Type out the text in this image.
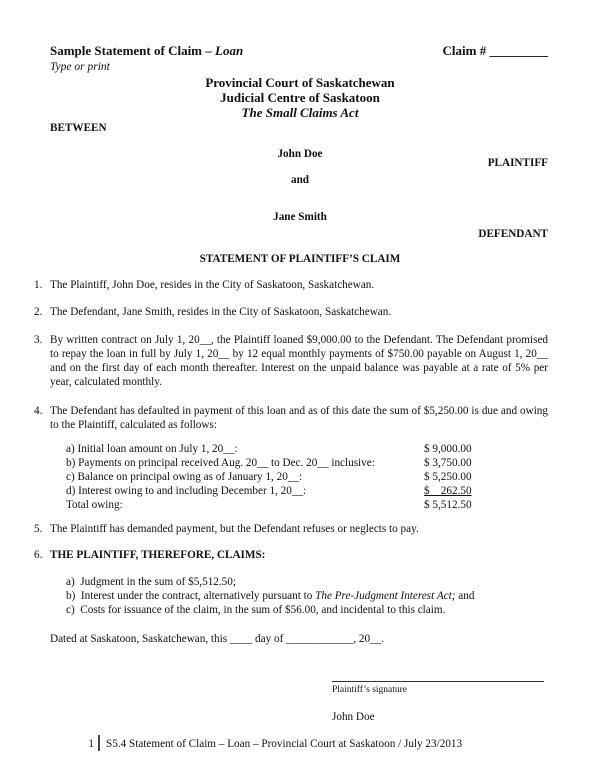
Sample Statement of Claim – Loan
Type or print
Claim # _________
Provincial Court of Saskatchewan
Judicial Centre of Saskatoon
The Small Claims Act
BETWEEN
John Doe
PLAINTIFF
and
Jane Smith
DEFENDANT
STATEMENT OF PLAINTIFF’S CLAIM
1. The Plaintiff, John Doe, resides in the City of Saskatoon, Saskatchewan.
2. The Defendant, Jane Smith, resides in the City of Saskatoon, Saskatchewan.
3. By written contract on July 1, 20__, the Plaintiff loaned $9,000.00 to the Defendant. The Defendant promised to repay the loan in full by July 1, 20__ by 12 equal monthly payments of $750.00 payable on August 1, 20__ and on the first day of each month thereafter. Interest on the unpaid balance was payable at a rate of 5% per year, calculated monthly.
4. The Defendant has defaulted in payment of this loan and as of this date the sum of $5,250.00 is due and owing to the Plaintiff, calculated as follows:
a) Initial loan amount on July 1, 20__:	$ 9,000.00
b) Payments on principal received Aug. 20__ to Dec. 20__ inclusive:	$ 3,750.00
c) Balance on principal owing as of January 1, 20__:	$ 5,250.00
d) Interest owing to and including December 1, 20__:	$    262.50
Total owing:	$ 5,512.50
5. The Plaintiff has demanded payment, but the Defendant refuses or neglects to pay.
6. THE PLAINTIFF, THEREFORE, CLAIMS:
a)  Judgment in the sum of $5,512.50;
b)  Interest under the contract, alternatively pursuant to The Pre-Judgment Interest Act; and
c)  Costs for issuance of the claim, in the sum of $56.00, and incidental to this claim.
Dated at Saskatoon, Saskatchewan, this ____ day of ____________, 20__.
Plaintiff’s signature
John Doe
1 S5.4 Statement of Claim – Loan – Provincial Court at Saskatoon / July 23/2013
